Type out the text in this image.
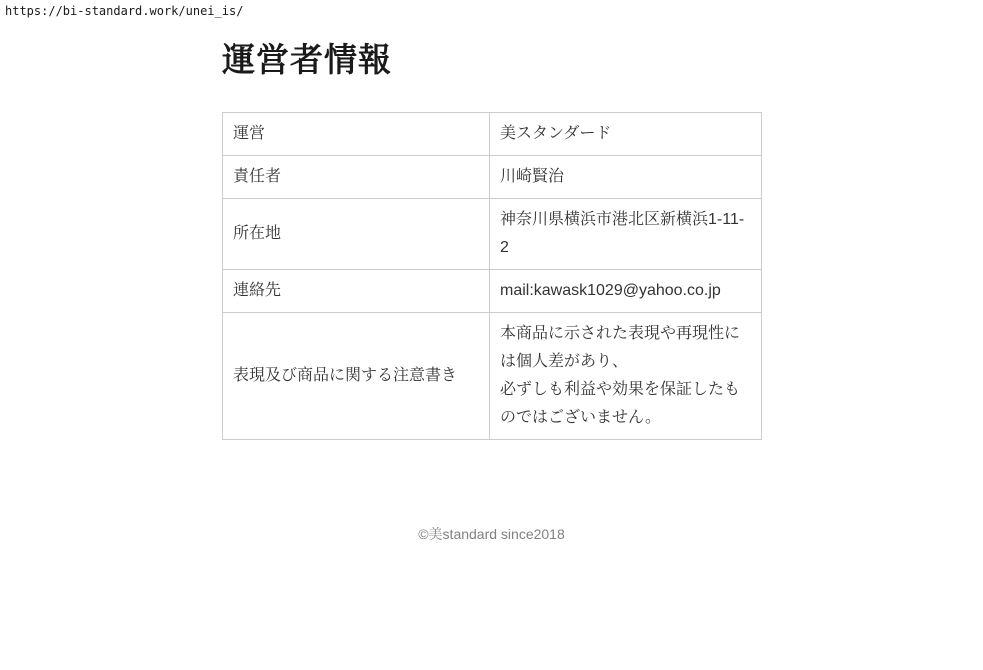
https://bi-standard.work/unei_is/
運営者情報
運営	美スタンダード
責任者	川崎賢治
所在地	神奈川県横浜市港北区新横浜1-11-2
連絡先	mail:kawask1029@yahoo.co.jp
表現及び商品に関する注意書き	本商品に示された表現や再現性には個人差があり、
必ずしも利益や効果を保証したものではございません。
©美standard since2018
